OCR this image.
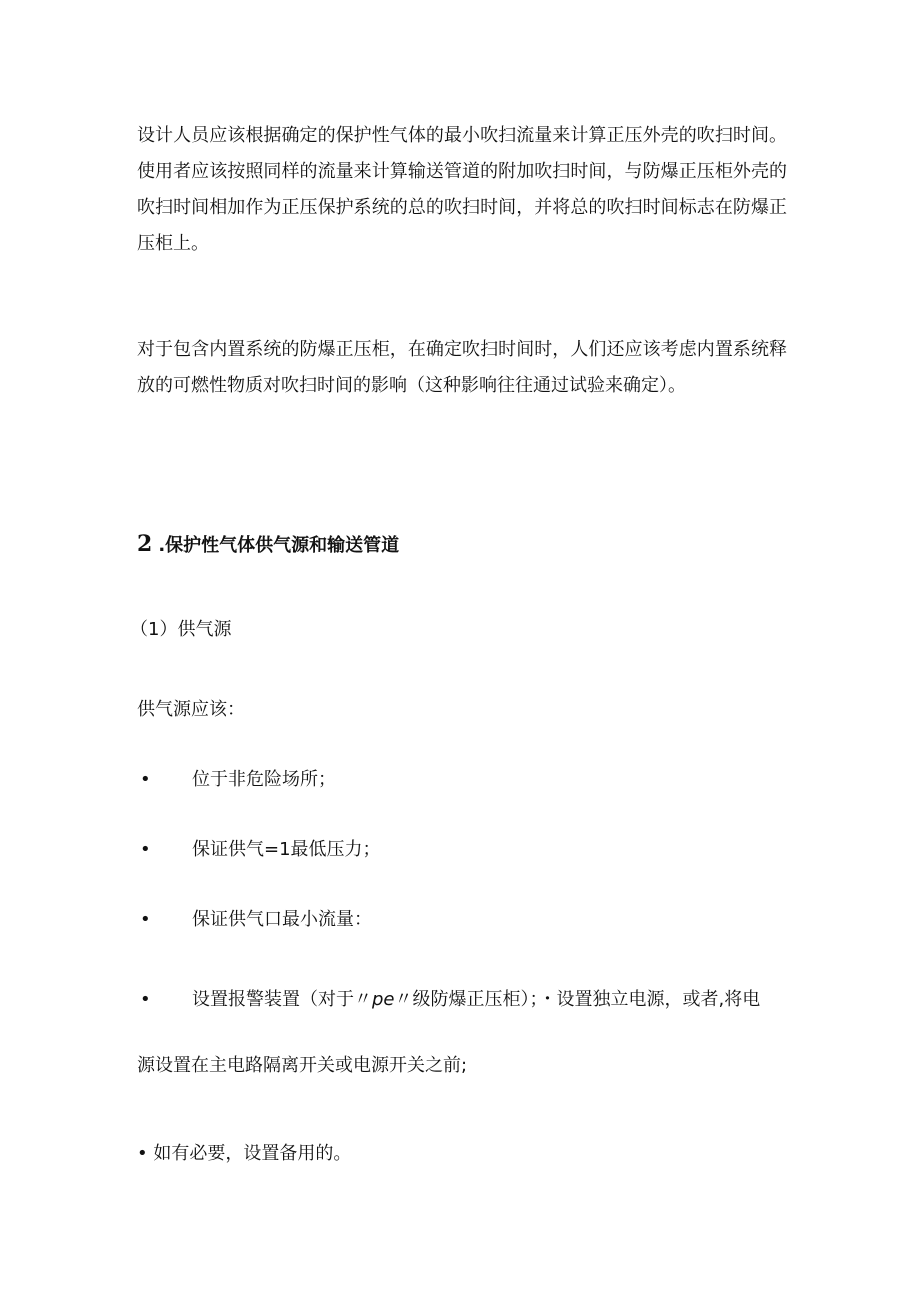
设计人员应该根据确定的保护性气体的最小吹扫流量来计算正压外壳的吹扫时间。使用者应该按照同样的流量来计算输送管道的附加吹扫时间，与防爆正压柜外壳的吹扫时间相加作为正压保护系统的总的吹扫时间，并将总的吹扫时间标志在防爆正压柜上。

对于包含内置系统的防爆正压柜，在确定吹扫时间时，人们还应该考虑内置系统释放的可燃性物质对吹扫时间的影响（这种影响往往通过试验来确定）。

2 .保护性气体供气源和输送管道
（1）供气源
供气源应该：
• 位于非危险场所；
• 保证供气=1最低压力；
• 保证供气口最小流量：
• 设置报警装置（对于〃pe〃级防爆正压柜）；・设置独立电源，或者,将电
源设置在主电路隔离开关或电源开关之前;
• 如有必要，设置备用的。
